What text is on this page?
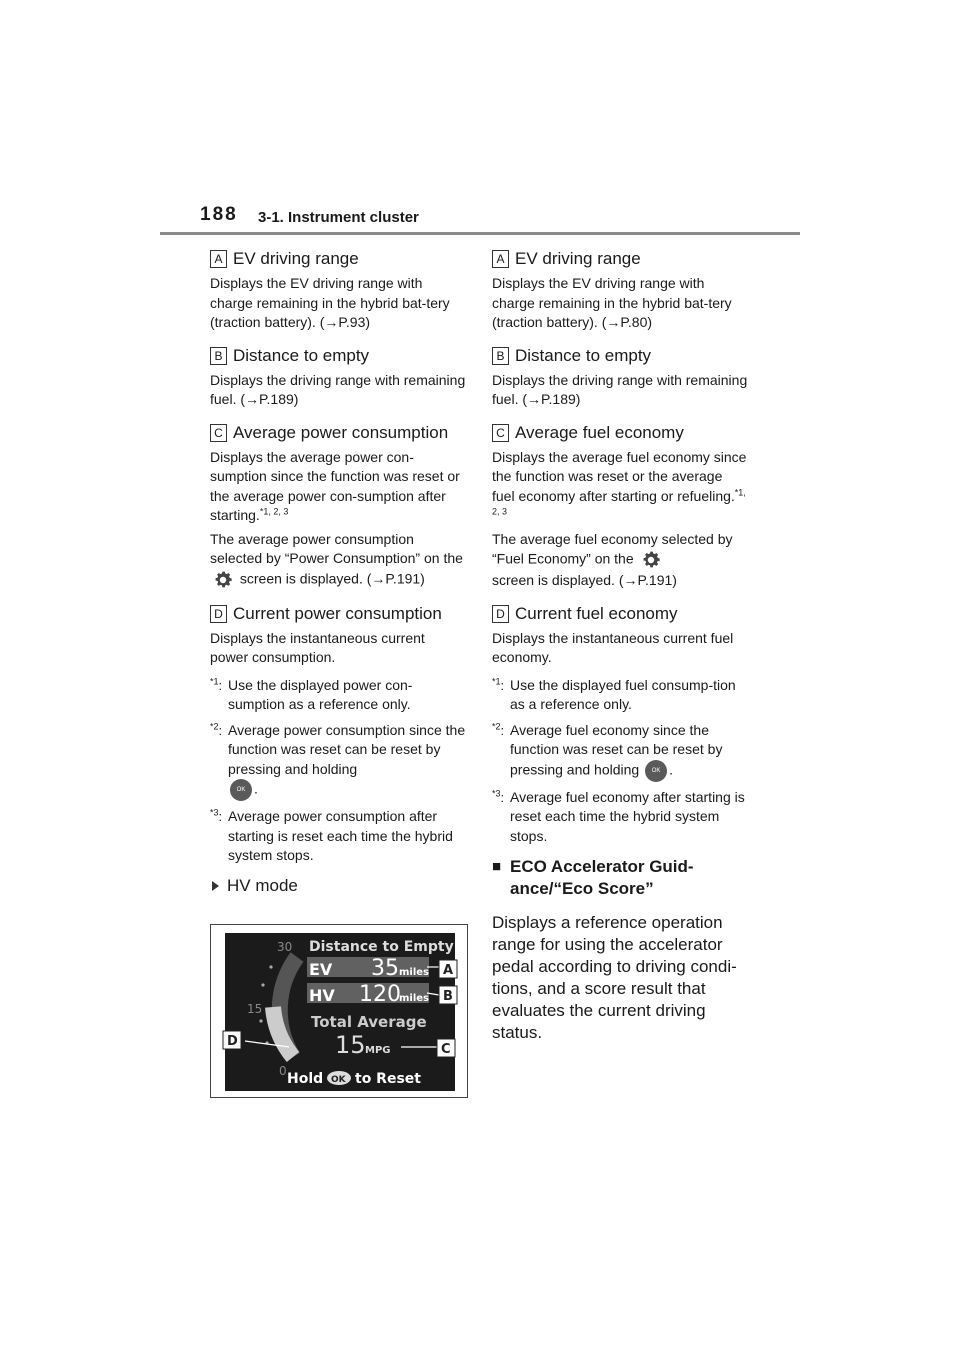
188 3-1. Instrument cluster
A EV driving range
Displays the EV driving range with charge remaining in the hybrid bat-tery (traction battery). (→P.93)
B Distance to empty
Displays the driving range with remaining fuel. (→P.189)
C Average power consumption
Displays the average power con-sumption since the function was reset or the average power con-sumption after starting.$^{*1, 2, 3}$
The average power consumption selected by “Power Consumption” on the  screen is displayed. (→P.191)
D Current power consumption
Displays the instantaneous current power consumption.
$^{*1}$: Use the displayed power con-sumption as a reference only.
$^{*2}$: Average power consumption since the function was reset can be reset by pressing and holding
OK .
$^{*3}$: Average power consumption after starting is reset each time the hybrid system stops.
HV mode
30
15
0
Distance to Empty
EV 35 miles
HV 120
miles
Total Average
15 MPG
Hold OK to Reset
A
B
C
D
A EV driving range
Displays the EV driving range with charge remaining in the hybrid bat-tery (traction battery). (→P.80)
B Distance to empty
Displays the driving range with remaining fuel. (→P.189)
C Average fuel economy
Displays the average fuel economy since the function was reset or the average fuel economy after starting or refueling.$^{*1, 2, 3}$
The average fuel economy selected by “Fuel Economy” on the
screen is displayed. (→P.191)
D Current fuel economy
Displays the instantaneous current fuel economy.
$^{*1}$: Use the displayed fuel consump-tion as a reference only.
$^{*2}$: Average fuel economy since the function was reset can be reset by pressing and holding OK .
$^{*3}$: Average fuel economy after starting is reset each time the hybrid system stops.
■ ECO Accelerator Guid-ance/“Eco Score”
Displays a reference operation range for using the accelerator pedal according to driving condi-tions, and a score result that evaluates the current driving status.
